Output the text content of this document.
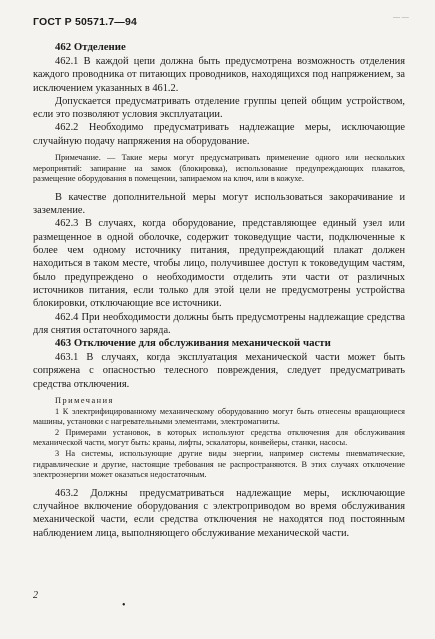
ГОСТ Р 50571.7—94	— —
462 Отделение

462.1 В каждой цепи должна быть предусмотрена возможность отделения каждого проводника от питающих проводников, находящихся под напряжением, за исключением указанных в 461.2.

Допускается предусматривать отделение группы цепей общим устройством, если это позволяют условия эксплуатации.

462.2 Необходимо предусматривать надлежащие меры, исключающие случайную подачу напряжения на оборудование.

Примечание. — Такие меры могут предусматривать применение одного или нескольких мероприятий: запирание на замок (блокировка), использование предупреждающих плакатов, размещение оборудования в помещении, запираемом на ключ, или в кожухе.

В качестве дополнительной меры могут использоваться закорачивание и заземление.

462.3 В случаях, когда оборудование, представляющее единый узел или размещенное в одной оболочке, содержит токоведущие части, подключенные к более чем одному источнику питания, предупреждающий плакат должен находиться в таком месте, чтобы лицо, получившее доступ к токоведущим частям, было предупреждено о необходимости отделить эти части от различных источников питания, если только для этой цели не предусмотрены устройства блокировки, отключающие все источники.

462.4 При необходимости должны быть предусмотрены надлежащие средства для снятия остаточного заряда.

463 Отключение для обслуживания механической части

463.1 В случаях, когда эксплуатация механической части может быть сопряжена с опасностью телесного повреждения, следует предусматривать средства отключения.

Примечания

1 К электрифицированному механическому оборудованию могут быть отнесены вращающиеся машины, установки с нагревательными элементами, электромагниты.

2 Примерами установок, в которых используют средства отключения для обслуживания механической части, могут быть: краны, лифты, эскалаторы, конвейеры, станки, насосы.

3 На системы, использующие другие виды энергии, например системы пневматические, гидравлические и другие, настоящие требования не распространяются. В этих случаях отключение электроэнергии может оказаться недостаточным.

463.2 Должны предусматриваться надлежащие меры, исключающие случайное включение оборудования с электроприводом во время обслуживания механической части, если средства отключения не находятся под постоянным наблюдением лица, выполняющего обслуживание механической части.

2
•
